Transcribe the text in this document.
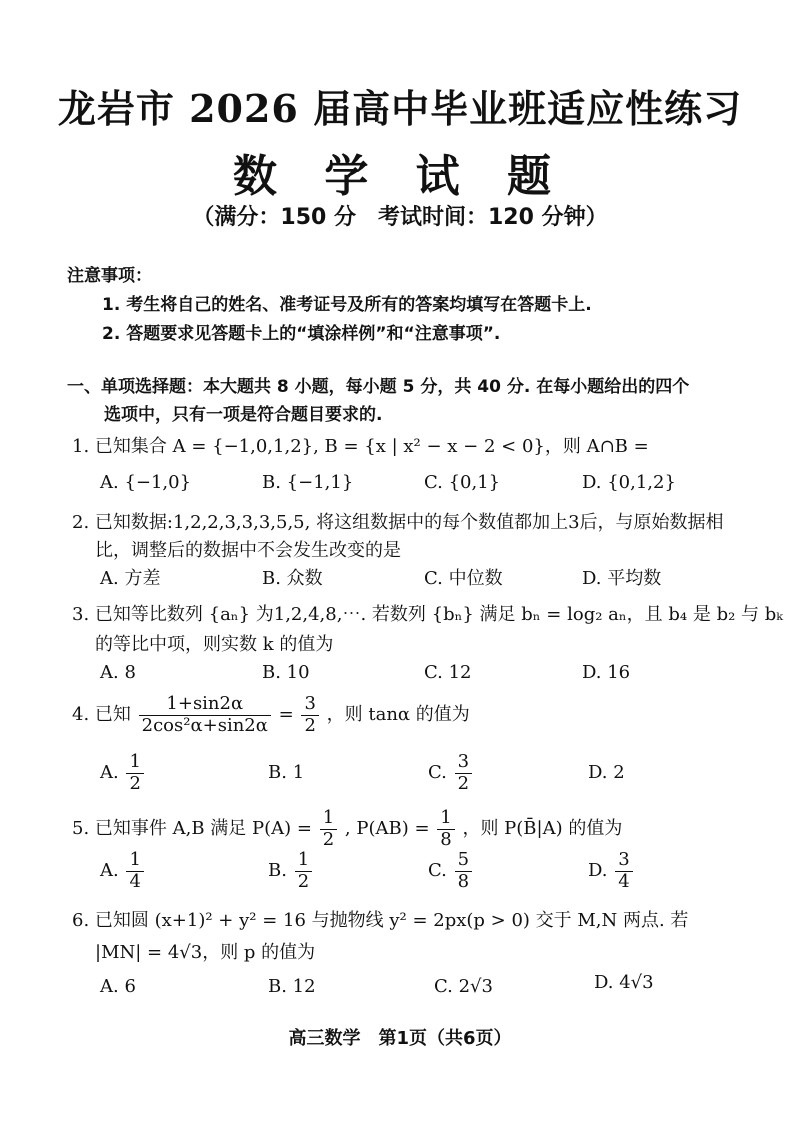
龙岩市 2026 届高中毕业班适应性练习
数 学 试 题
（满分：150 分　考试时间：120 分钟）
注意事项：
1. 考生将自己的姓名、准考证号及所有的答案均填写在答题卡上.
2. 答题要求见答题卡上的“填涂样例”和“注意事项”.
一、单项选择题：本大题共 8 小题，每小题 5 分，共 40 分. 在每小题给出的四个
选项中，只有一项是符合题目要求的.
1. 已知集合 A = {−1,0,1,2}, B = {x | x² − x − 2 < 0}，则 A∩B =
A. {−1,0}	B. {−1,1}	C. {0,1}	D. {0,1,2}
2. 已知数据:1,2,2,3,3,3,5,5, 将这组数据中的每个数值都加上3后，与原始数据相
比，调整后的数据中不会发生改变的是
A. 方差	B. 众数	C. 中位数	D. 平均数
3. 已知等比数列 {aₙ} 为1,2,4,8,⋯. 若数列 {bₙ} 满足 bₙ = log₂ aₙ，且 b₄ 是 b₂ 与 bₖ
的等比中项，则实数 k 的值为
A. 8	B. 10	C. 12	D. 16
4. 已知 $\frac{1+\sin 2\alpha}{\text{2cos²α+sin2α}} = \frac{3}{2}$ ，则 tanα 的值为
A. $\frac{1}{2}$	B. 1	C. $\frac{3}{2}$	D. 2
5. 已知事件 A,B 满足 $P(A) = \frac{1}{2}$ , $P(AB) = \frac{1}{8}$ ，则 P(B̄|A) 的值为
A. $\frac{1}{4}$	B. $\frac{1}{2}$	C. $\frac{5}{8}$	D. $\frac{3}{4}$
6. 已知圆 (x+1)² + y² = 16 与抛物线 y² = 2px(p > 0) 交于 M,N 两点. 若
|MN| = 4√3，则 p 的值为
A. 6	B. 12	C. 2√3	D. 4√3
高三数学　第1页（共6页）
